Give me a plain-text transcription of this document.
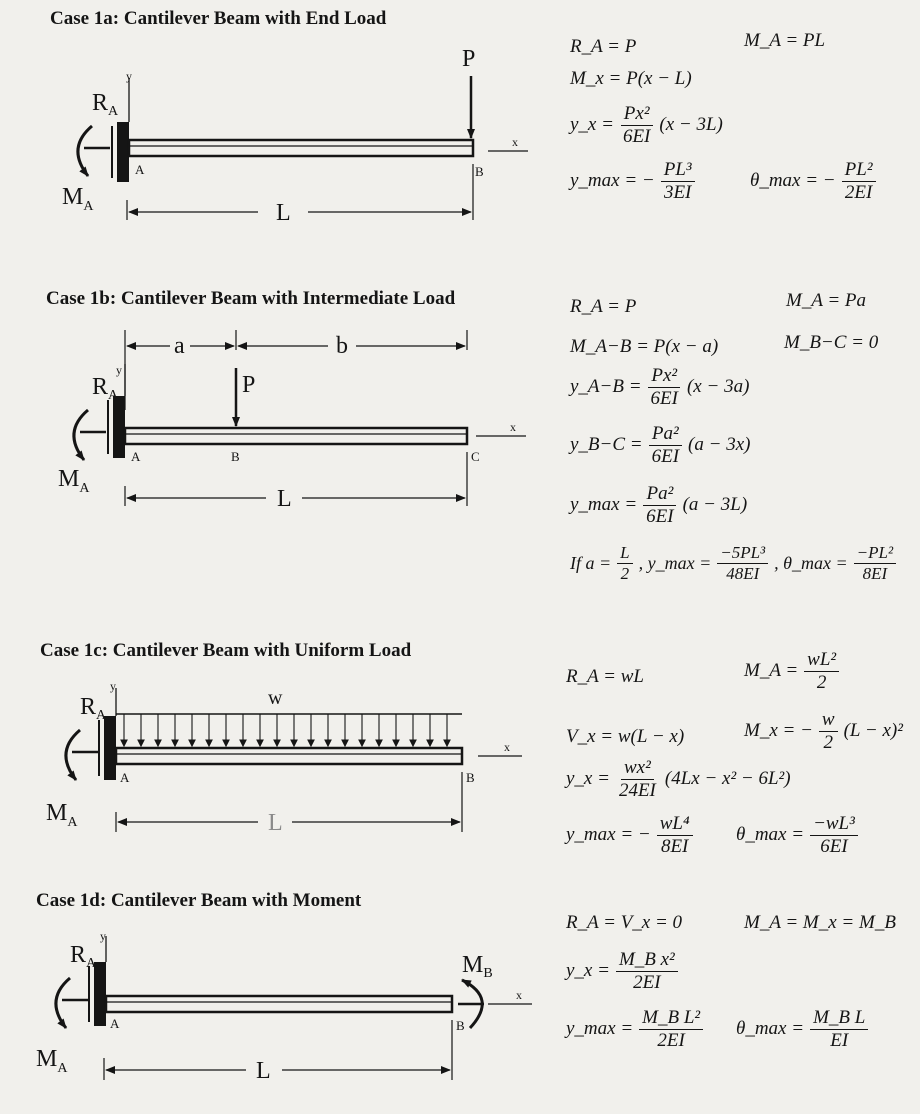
Case 1a: Cantilever Beam with End Load
y
x
P
$R_A$
$M_A$
A	B
L
R_A = P	M_A = PL
M_x = P(x − L)
y_x = $\frac{\text{Px²}}{6EI} (x - 3L)$
y_max = − $\frac{\text{PL³}}{3EI}$	θ_max = − $\frac{\text{PL²}}{2EI}$
Case 1b: Cantilever Beam with Intermediate Load
a	b
y
x
P
$R_A$
$M_A$
A	B	C
L
R_A = P	M_A = Pa
M_A−B = P(x − a)	M_B−C = 0
y_A−B = $\frac{\text{Px²}}{6EI} (x - 3a)$
y_B−C = $\frac{\text{Pa²}}{6EI} (a - 3x)$
y_max = $\frac{\text{Pa²}}{6EI} (a - 3L)$
If $a = \frac{L}{2}$ , y_max = $\frac{\text{−5PL³}}{48EI}$ , θ_max = $\frac{\text{−PL²}}{8EI}$
Case 1c: Cantilever Beam with Uniform Load
y
x
w
$R_A$
$M_A$
A	B
L
R_A = wL	M_A = $\frac{\text{wL²}}{2}$
V_x = w(L − x)	M_x = − $\frac{w}{2} (L - x)^2$
y_x = $\frac{\text{wx²}}{24EI} (4Lx - x^2 - 6L^2)$
y_max = − $\frac{\text{wL⁴}}{8EI}$ θ_max = $\frac{\text{−wL³}}{6EI}$
Case 1d: Cantilever Beam with Moment
y
x
$M_B$
$R_A$
$M_A$
A	B
L
R_A = V_x = 0	M_A = M_x = M_B
y_x = $\frac{\text{M\_B x²}}{2EI}$
y_max = $\frac{\text{M\_B L²}}{2EI}$ θ_max = $\frac{\text{M\_B L}}{EI}$
